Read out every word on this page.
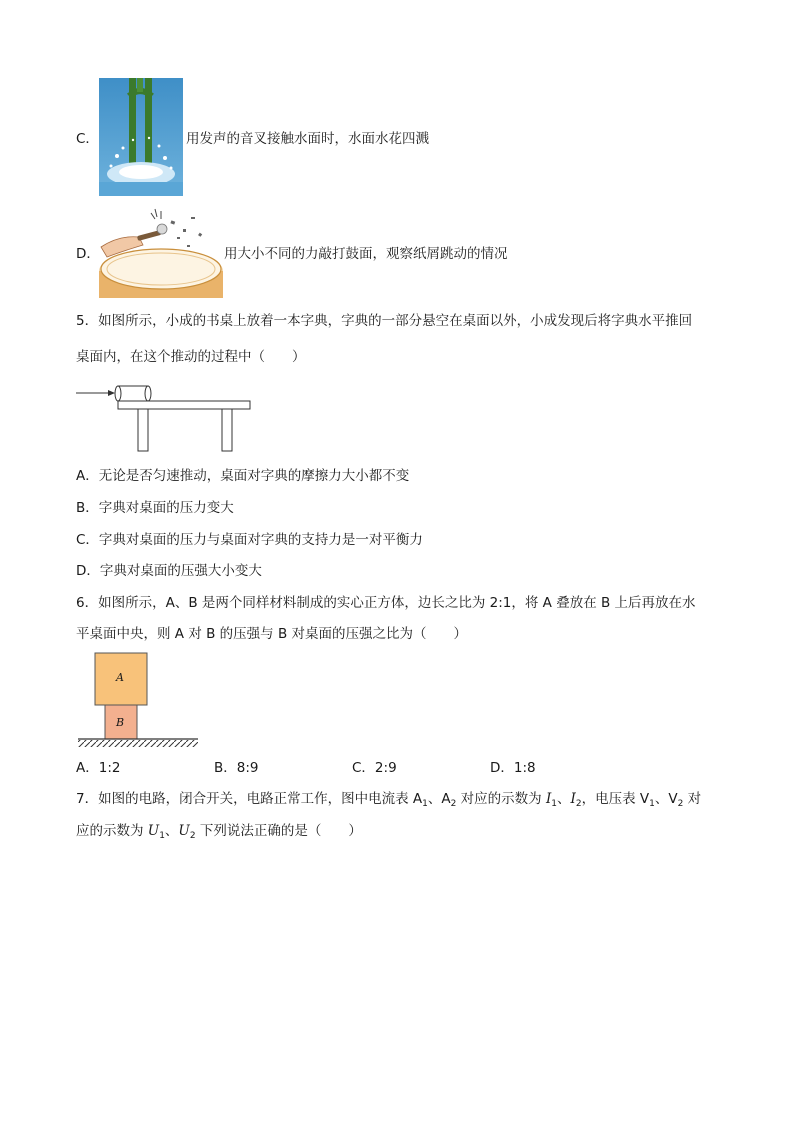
C．	用发声的音叉接触水面时，水面水花四溅
D．	用大小不同的力敲打鼓面，观察纸屑跳动的情况
5．如图所示，小成的书桌上放着一本字典，字典的一部分悬空在桌面以外，小成发现后将字典水平推回
桌面内，在这个推动的过程中（　　）
A．无论是否匀速推动，桌面对字典的摩擦力大小都不变
B．字典对桌面的压力变大
C．字典对桌面的压力与桌面对字典的支持力是一对平衡力
D．字典对桌面的压强大小变大
6．如图所示，A、B 是两个同样材料制成的实心正方体，边长之比为 2:1，将 A 叠放在 B 上后再放在水
平桌面中央，则 A 对 B 的压强与 B 对桌面的压强之比为（　　）
A
B
A．1:2	B．8:9	C．2:9	D．1:8
7．如图的电路，闭合开关，电路正常工作，图中电流表 $A_1$、$A_2$ 对应的示数为 $I_1$、$I_2$，电压表 $V_1$、$V_2$ 对
应的示数为 $U_1$、$U_2$ 下列说法正确的是（　　）
